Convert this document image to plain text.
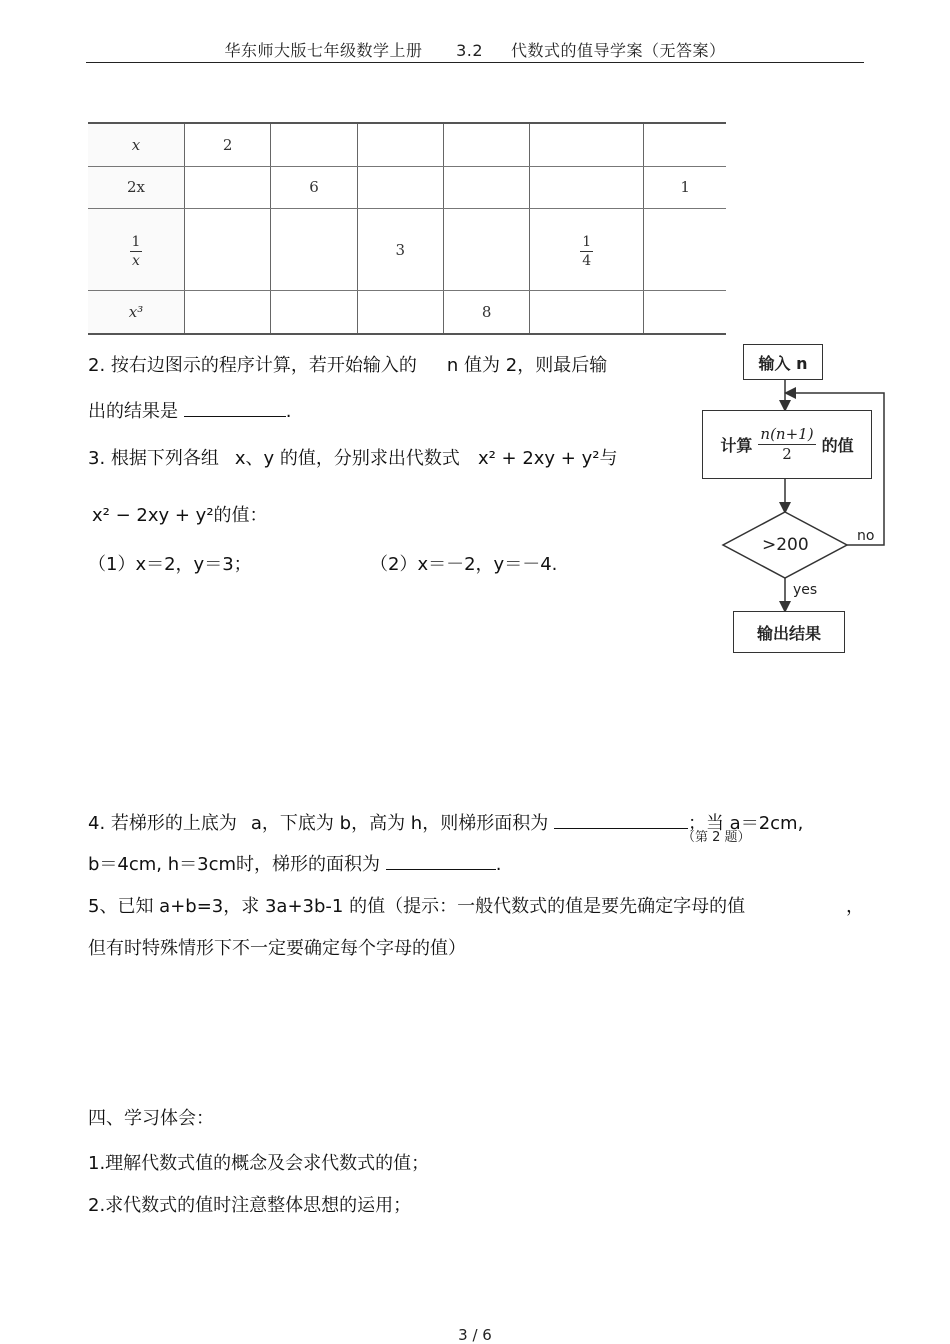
华东师大版七年级数学上册 3.2 代数式的值导学案（无答案）
x	2					
2x		6				1

$\frac{1}{x}$			3		$\frac{1}{4}$

x³				8		
2. 按右边图示的程序计算，若开始输入的 n 值为 2，则最后输
出的结果是	.
3. 根据下列各组 x、y 的值，分别求出代数式 x² + 2xy + y²与
x² − 2xy + y²的值：
（1）x＝2，y＝3；	（2）x＝－2，y＝－4.
输入 n
计算 $\frac{n(n+1)}{2}$ 的值
>200	no
yes
输出结果
4. 若梯形的上底为 a，下底为 b，高为 h，则梯形面积为	；当 a＝2cm,
（第 2 题）
b＝4cm, h＝3cm时，梯形的面积为	.
5、已知 a+b=3，求 3a+3b-1 的值（提示：一般代数式的值是要先确定字母的值	，
但有时特殊情形下不一定要确定每个字母的值）
四、学习体会：
1.理解代数式值的概念及会求代数式的值；
2.求代数式的值时注意整体思想的运用；
3 / 6
